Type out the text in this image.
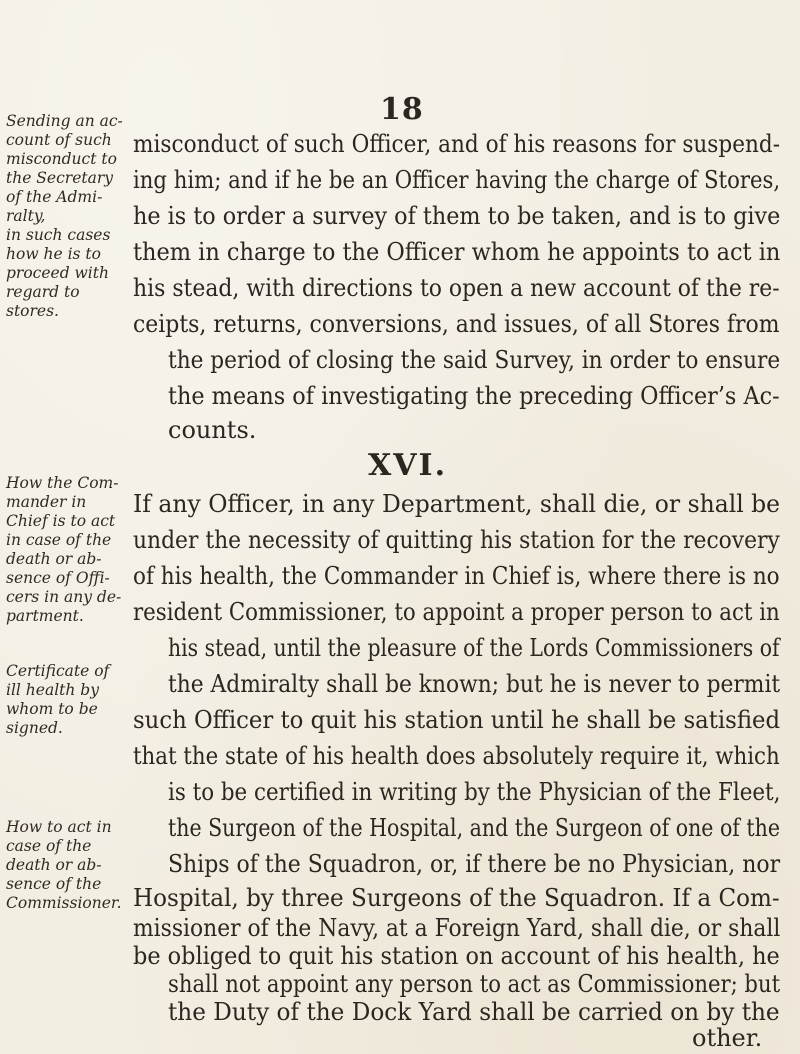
18
Sending an ac-
count of such
misconduct to
the Secretary
of the Admi-
ralty,
in such cases
how he is to
proceed with
regard to
stores.
How the Com-
mander in
Chief is to act
in case of the
death or ab-
sence of Offi-
cers in any de-
partment.
Certificate of
ill health by
whom to be
signed.
How to act in
case of the
death or ab-
sence of the
Commissioner.
misconduct of such Officer, and of his reasons for suspend-
ing him; and if he be an Officer having the charge of Stores,
he is to order a survey of them to be taken, and is to give
them in charge to the Officer whom he appoints to act in
his stead, with directions to open a new account of the re-
ceipts, returns, conversions, and issues, of all Stores from
the period of closing the said Survey, in order to ensure
the means of investigating the preceding Officer’s Ac-
counts.
XVI.
If any Officer, in any Department, shall die, or shall be
under the necessity of quitting his station for the recovery
of his health, the Commander in Chief is, where there is no
resident Commissioner, to appoint a proper person to act in
his stead, until the pleasure of the Lords Commissioners of
the Admiralty shall be known; but he is never to permit
such Officer to quit his station until he shall be satisfied
that the state of his health does absolutely require it, which
is to be certified in writing by the Physician of the Fleet,
the Surgeon of the Hospital, and the Surgeon of one of the
Ships of the Squadron, or, if there be no Physician, nor
Hospital, by three Surgeons of the Squadron. If a Com-
missioner of the Navy, at a Foreign Yard, shall die, or shall
be obliged to quit his station on account of his health, he
shall not appoint any person to act as Commissioner; but
the Duty of the Dock Yard shall be carried on by the
other.
